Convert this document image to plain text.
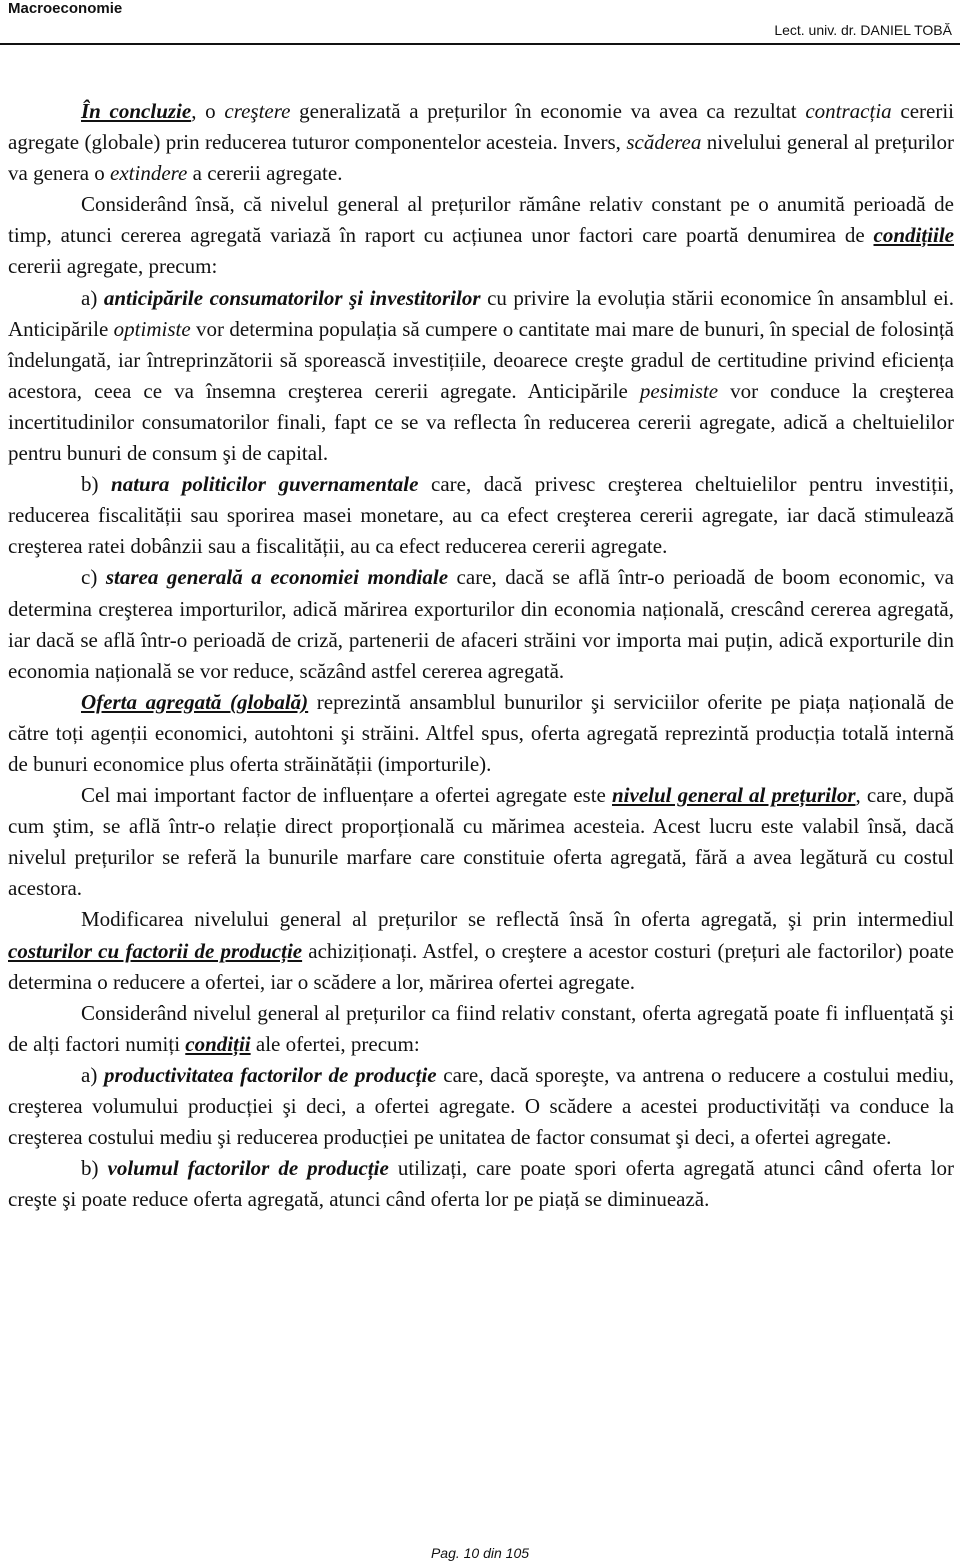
Macroeconomie
Lect. univ. dr. DANIEL TOBĂ

În concluzie, o creştere generalizată a prețurilor în economie va avea ca rezultat contracția cererii agregate (globale) prin reducerea tuturor componentelor acesteia. Invers, scăderea nivelului general al prețurilor va genera o extindere a cererii agregate.

Considerând însă, că nivelul general al prețurilor rămâne relativ constant pe o anumită perioadă de timp, atunci cererea agregată variază în raport cu acțiunea unor factori care poartă denumirea de condițiile cererii agregate, precum:

a) anticipările consumatorilor şi investitorilor cu privire la evoluția stării economice în ansamblul ei. Anticipările optimiste vor determina populația să cumpere o cantitate mai mare de bunuri, în special de folosință îndelungată, iar întreprinzătorii să sporească investițiile, deoarece creşte gradul de certitudine privind eficiența acestora, ceea ce va însemna creşterea cererii agregate. Anticipările pesimiste vor conduce la creşterea incertitudinilor consumatorilor finali, fapt ce se va reflecta în reducerea cererii agregate, adică a cheltuielilor pentru bunuri de consum şi de capital.

b) natura politicilor guvernamentale care, dacă privesc creşterea cheltuielilor pentru investiții, reducerea fiscalității sau sporirea masei monetare, au ca efect creşterea cererii agregate, iar dacă stimulează creşterea ratei dobânzii sau a fiscalității, au ca efect reducerea cererii agregate.

c) starea generală a economiei mondiale care, dacă se află într-o perioadă de boom economic, va determina creşterea importurilor, adică mărirea exporturilor din economia națională, crescând cererea agregată, iar dacă se află într-o perioadă de criză, partenerii de afaceri străini vor importa mai puțin, adică exporturile din economia națională se vor reduce, scăzând astfel cererea agregată.

Oferta agregată (globală) reprezintă ansamblul bunurilor şi serviciilor oferite pe piața națională de către toți agenții economici, autohtoni şi străini. Altfel spus, oferta agregată reprezintă producția totală internă de bunuri economice plus oferta străinătății (importurile).

Cel mai important factor de influențare a ofertei agregate este nivelul general al prețurilor, care, după cum ştim, se află într-o relație direct proporțională cu mărimea acesteia. Acest lucru este valabil însă, dacă nivelul prețurilor se referă la bunurile marfare care constituie oferta agregată, fără a avea legătură cu costul acestora.

Modificarea nivelului general al prețurilor se reflectă însă în oferta agregată, şi prin intermediul costurilor cu factorii de producție achiziționați. Astfel, o creştere a acestor costuri (prețuri ale factorilor) poate determina o reducere a ofertei, iar o scădere a lor, mărirea ofertei agregate.

Considerând nivelul general al prețurilor ca fiind relativ constant, oferta agregată poate fi influențată şi de alți factori numiți condiții ale ofertei, precum:

a) productivitatea factorilor de producție care, dacă sporeşte, va antrena o reducere a costului mediu, creşterea volumului producției şi deci, a ofertei agregate. O scădere a acestei productivități va conduce la creşterea costului mediu şi reducerea producției pe unitatea de factor consumat şi deci, a ofertei agregate.

b) volumul factorilor de producție utilizați, care poate spori oferta agregată atunci când oferta lor creşte şi poate reduce oferta agregată, atunci când oferta lor pe piață se diminuează.

Pag. 10 din 105
